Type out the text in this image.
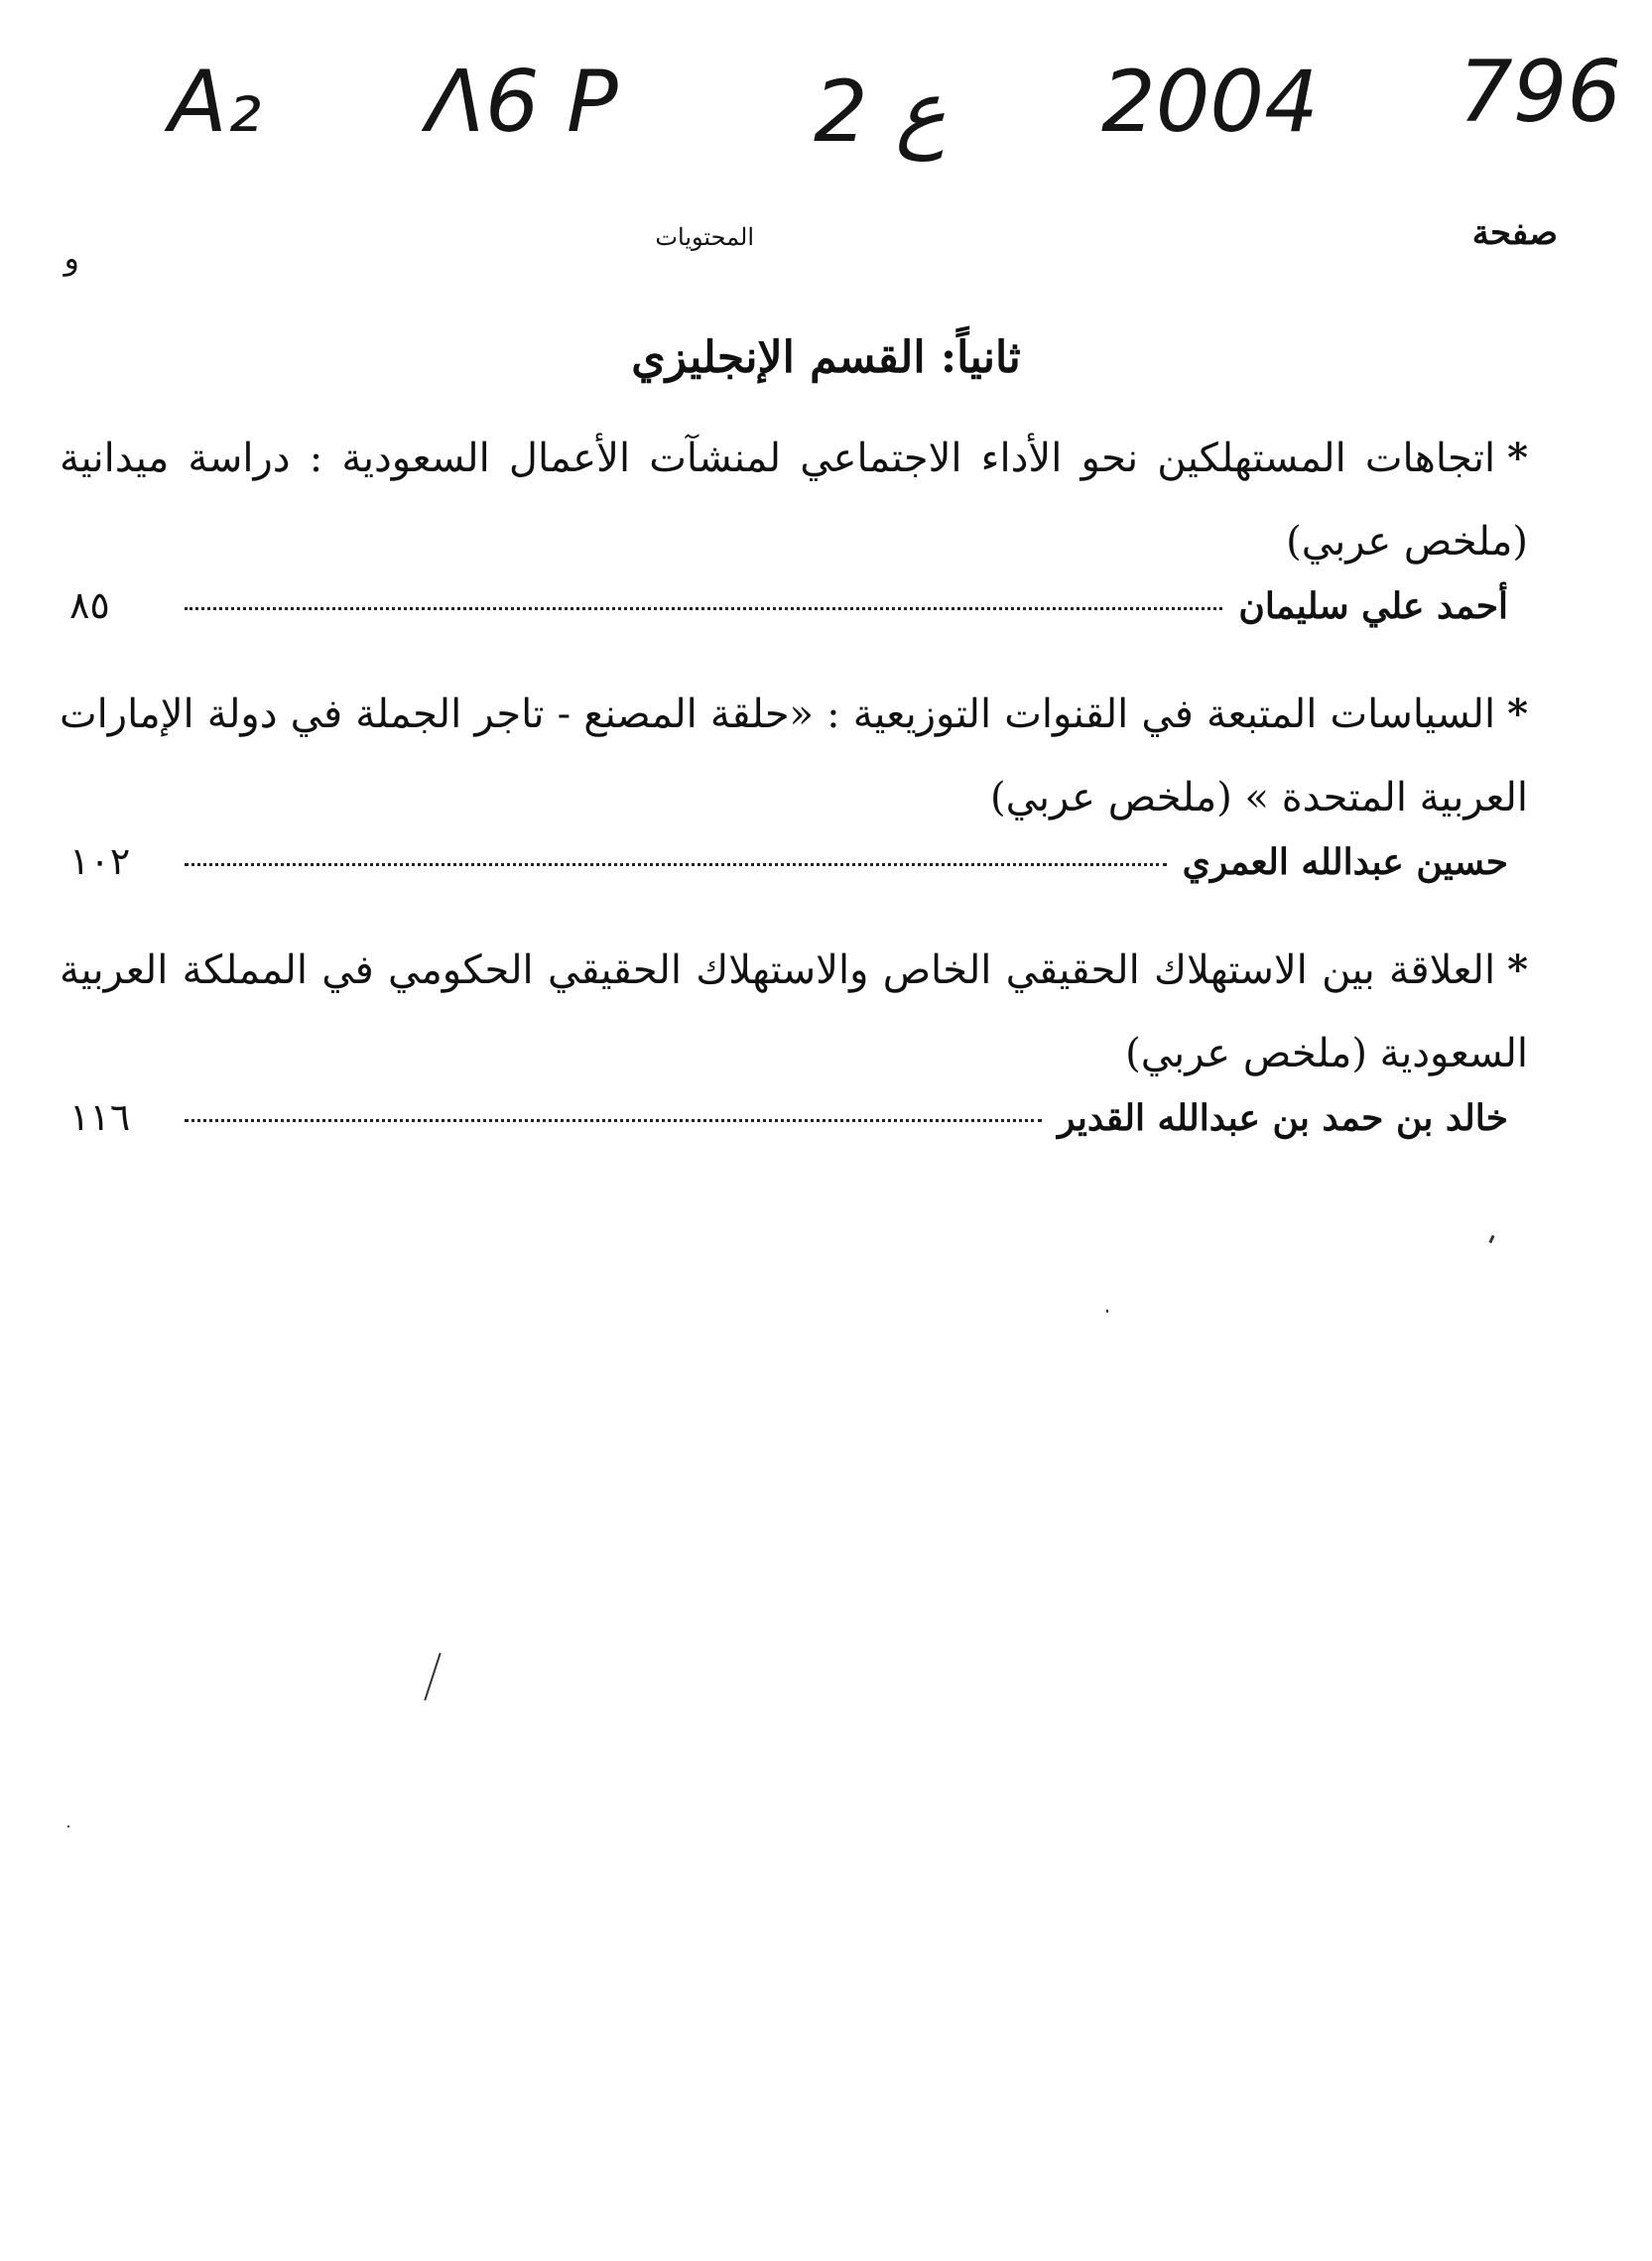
A₂ Λ6 P 2 ع 2004 796
صفحة
المحتويات
و
ثانياً: القسم الإنجليزي
*اتجاهات المستهلكين نحو الأداء الاجتماعي لمنشآت الأعمال السعودية : دراسة ميدانية (ملخص عربي)
أحمد علي سليمان
٨٥
*السياسات المتبعة في القنوات التوزيعية : «حلقة المصنع - تاجر الجملة في دولة الإمارات العربية المتحدة » (ملخص عربي)
حسين عبدالله العمري
١٠٢
*العلاقة بين الاستهلاك الحقيقي الخاص والاستهلاك الحقيقي الحكومي في المملكة العربية السعودية (ملخص عربي)
خالد بن حمد بن عبدالله القدير
١١٦
